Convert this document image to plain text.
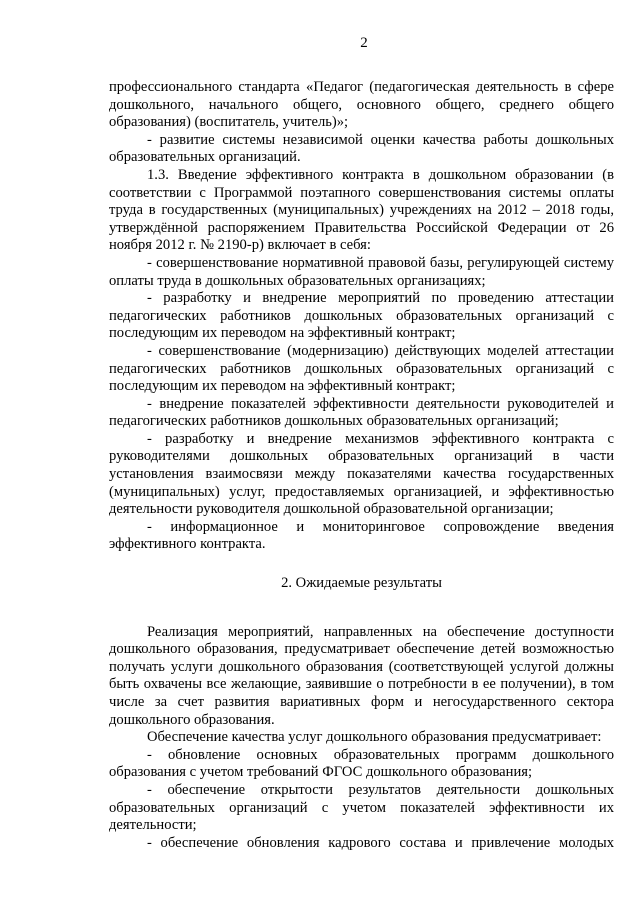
2

профессионального стандарта «Педагог (педагогическая деятельность в сфере дошкольного, начального общего, основного общего, среднего общего образования) (воспитатель, учитель)»;

- развитие системы независимой оценки качества работы дошкольных образовательных организаций.

1.3. Введение эффективного контракта в дошкольном образовании (в соответствии с Программой поэтапного совершенствования системы оплаты труда в государственных (муниципальных) учреждениях на 2012 – 2018 годы, утверждённой распоряжением Правительства Российской Федерации от 26 ноября 2012 г. № 2190-р) включает в себя:

- совершенствование нормативной правовой базы, регулирующей систему оплаты труда в дошкольных образовательных организациях;

- разработку и внедрение мероприятий по проведению аттестации педагогических работников дошкольных образовательных организаций с последующим их переводом на эффективный контракт;

- совершенствование (модернизацию) действующих моделей аттестации педагогических работников дошкольных образовательных организаций с последующим их переводом на эффективный контракт;

- внедрение показателей эффективности деятельности руководителей и педагогических работников дошкольных образовательных организаций;

- разработку и внедрение механизмов эффективного контракта с руководителями дошкольных образовательных организаций в части установления взаимосвязи между показателями качества государственных (муниципальных) услуг, предоставляемых организацией, и эффективностью деятельности руководителя дошкольной образовательной организации;

- информационное и мониторинговое сопровождение введения эффективного контракта.

2. Ожидаемые результаты

Реализация мероприятий, направленных на обеспечение доступности дошкольного образования, предусматривает обеспечение детей возможностью получать услуги дошкольного образования (соответствующей услугой должны быть охвачены все желающие, заявившие о потребности в ее получении), в том числе за счет развития вариативных форм и негосударственного сектора дошкольного образования.

Обеспечение качества услуг дошкольного образования предусматривает:

- обновление основных образовательных программ дошкольного образования с учетом требований ФГОС дошкольного образования;

- обеспечение открытости результатов деятельности дошкольных образовательных организаций с учетом показателей эффективности их деятельности;

- обеспечение обновления кадрового состава и привлечение молодых
